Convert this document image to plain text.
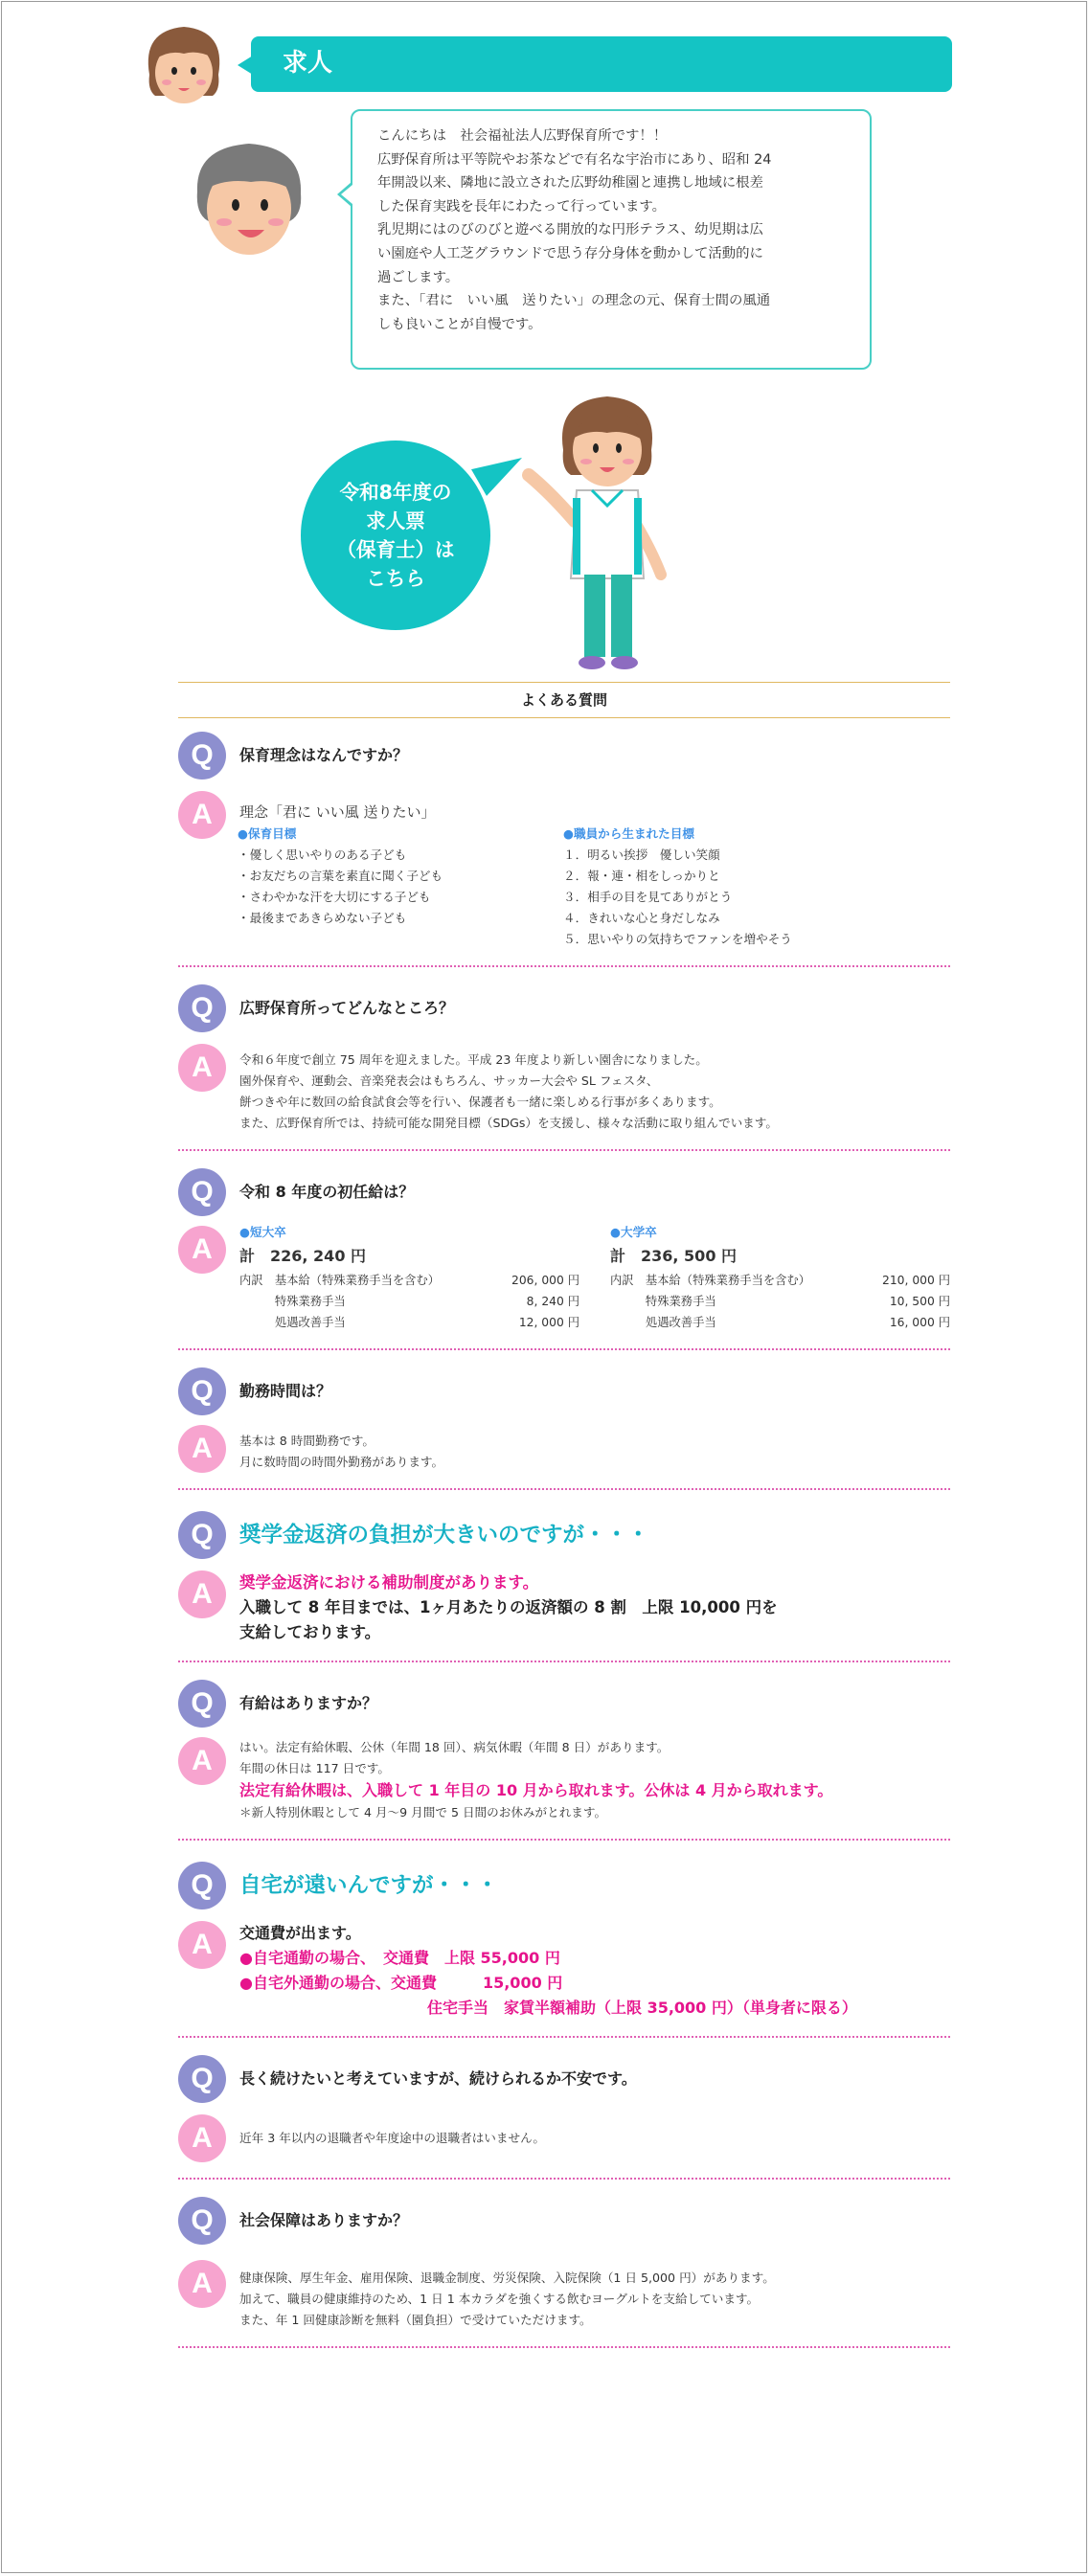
求人

こんにちは　社会福祉法人広野保育所です！！

広野保育所は平等院やお茶などで有名な宇治市にあり、昭和 24

年開設以来、隣地に設立された広野幼稚園と連携し地域に根差

した保育実践を長年にわたって行っています。

乳児期にはのびのびと遊べる開放的な円形テラス、幼児期は広

い園庭や人工芝グラウンドで思う存分身体を動かして活動的に

過ごします。

また、「君に　いい風　送りたい」の理念の元、保育士間の風通

しも良いことが自慢です。

令和8年度の
求人票
（保育士）は
こちら
よくある質問
Q	保育理念はなんですか？
A	理念「君に いい風 送りたい」

●保育目標

・優しく思いやりのある子ども

・お友だちの言葉を素直に聞く子ども

・さわやかな汗を大切にする子ども

・最後まであきらめない子ども

●職員から生まれた目標

１．明るい挨拶　優しい笑顔

２．報・連・相をしっかりと

３．相手の目を見てありがとう

４．きれいな心と身だしなみ

５．思いやりの気持ちでファンを増やそう

Q	広野保育所ってどんなところ？
A	令和６年度で創立 75 周年を迎えました。平成 23 年度より新しい園舎になりました。

園外保育や、運動会、音楽発表会はもちろん、サッカー大会や SL フェスタ、

餅つきや年に数回の給食試食会等を行い、保護者も一緒に楽しめる行事が多くあります。

また、広野保育所では、持続可能な開発目標（SDGs）を支援し、様々な活動に取り組んでいます。

Q	令和 8 年度の初任給は？
A

●短大卒

計　226, 240 円

内訳　基本給（特殊業務手当を含む）	206, 000 円
　　　特殊業務手当	8, 240 円
　　　処遇改善手当	12, 000 円

●大学卒

計　236, 500 円

内訳　基本給（特殊業務手当を含む）	210, 000 円
　　　特殊業務手当	10, 500 円
　　　処遇改善手当	16, 000 円
Q	勤務時間は？
A	基本は 8 時間勤務です。

月に数時間の時間外勤務があります。

Q	奨学金返済の負担が大きいのですが・・・
A	奨学金返済における補助制度があります。

入職して 8 年目までは、1ヶ月あたりの返済額の 8 割　上限 10,000 円を

支給しております。

Q	有給はありますか？
A	はい。法定有給休暇、公休（年間 18 回）、病気休暇（年間 8 日）があります。

年間の休日は 117 日です。

法定有給休暇は、入職して 1 年目の 10 月から取れます。公休は 4 月から取れます。

＊新人特別休暇として 4 月〜9 月間で 5 日間のお休みがとれます。

Q	自宅が遠いんですが・・・
A	交通費が出ます。

●自宅通勤の場合、　交通費　上限 55,000 円

●自宅外通勤の場合、交通費　　　15,000 円

住宅手当　家賃半額補助（上限 35,000 円）（単身者に限る）

Q	長く続けたいと考えていますが、続けられるか不安です。
A	近年 3 年以内の退職者や年度途中の退職者はいません。

Q	社会保障はありますか？
A	健康保険、厚生年金、雇用保険、退職金制度、労災保険、入院保険（1 日 5,000 円）があります。

加えて、職員の健康維持のため、1 日 1 本カラダを強くする飲むヨーグルトを支給しています。

また、年 1 回健康診断を無料（園負担）で受けていただけます。
